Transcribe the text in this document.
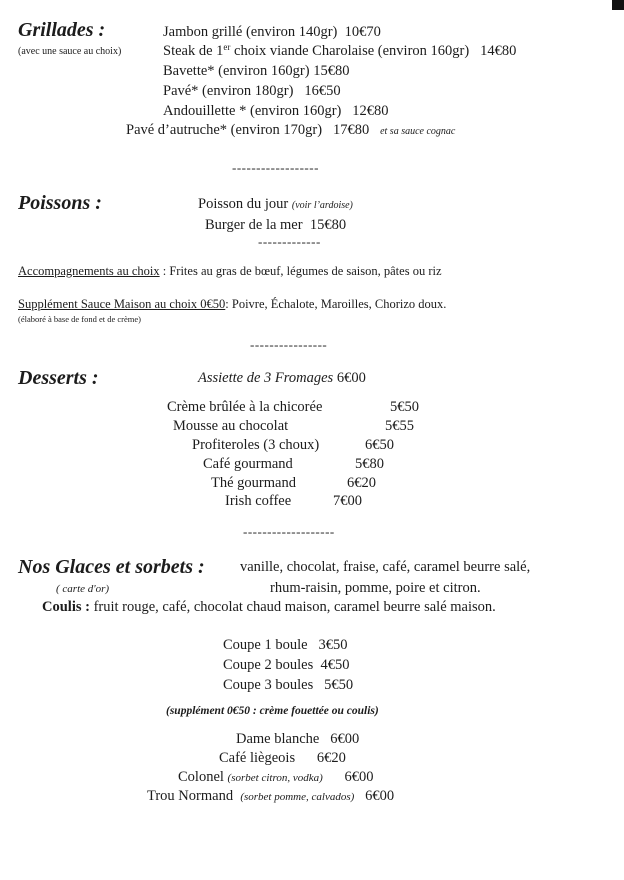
Grillades :
(avec une sauce au choix)
Jambon grillé (environ 140gr) 10€70
Steak de 1er choix viande Charolaise (environ 160gr) 14€80
Bavette* (environ 160gr) 15€80
Pavé* (environ 180gr) 16€50
Andouillette * (environ 160gr) 12€80
Pavé d’autruche* (environ 170gr) 17€80 et sa sauce cognac
------------------
Poissons :	Poisson du jour (voir l’ardoise)
Burger de la mer 15€80
-------------
Accompagnements au choix : Frites au gras de bœuf, légumes de saison, pâtes ou riz
Supplément Sauce Maison au choix 0€50: Poivre, Échalote, Maroilles, Chorizo doux.
(élaboré à base de fond et de crème)
----------------
Desserts :	Assiette de 3 Fromages 6€00
Crème brûlée à la chicorée	5€50
Mousse au chocolat	5€55
Profiteroles (3 choux)	6€50
Café gourmand	5€80
Thé gourmand	6€20
Irish coffee	7€00
-------------------
Nos Glaces et sorbets : vanille, chocolat, fraise, café, caramel beurre salé,
( carte d'or)	rhum-raisin, pomme, poire et citron.
Coulis : fruit rouge, café, chocolat chaud maison, caramel beurre salé maison.
Coupe 1 boule 3€50
Coupe 2 boules 4€50
Coupe 3 boules 5€50
(supplément 0€50 : crème fouettée ou coulis)
Dame blanche 6€00
Café liègeois 6€20
Colonel (sorbet citron, vodka) 6€00
Trou Normand (sorbet pomme, calvados) 6€00
